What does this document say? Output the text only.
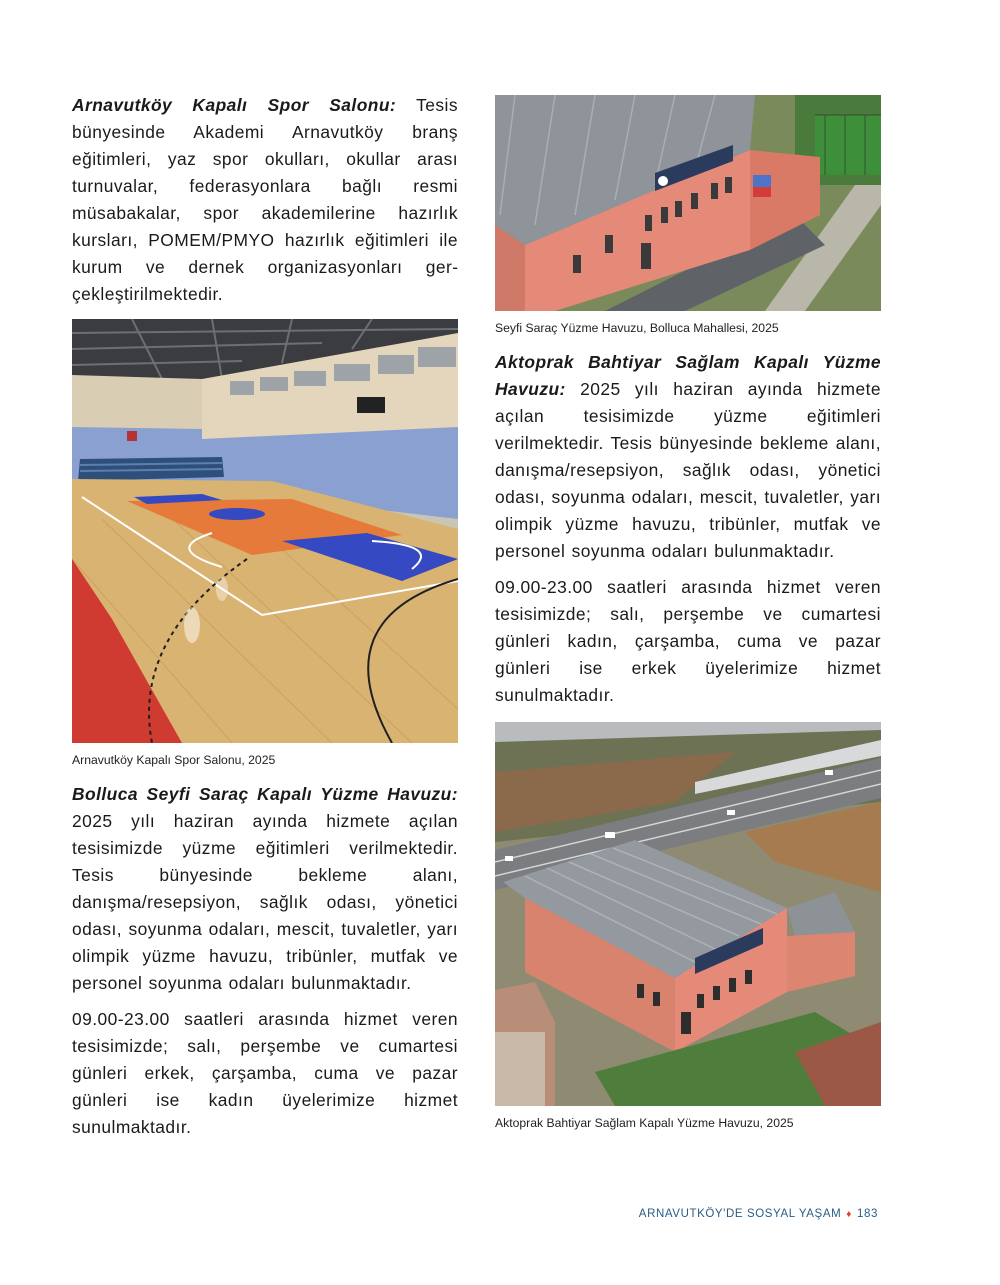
Arnavutköy Kapalı Spor Salonu: Tesis bünyesinde Akademi Arnavutköy branş eğitimleri, yaz spor okulları, okullar arası turnuvalar, federasyonlara bağlı resmi müsabakalar, spor akademilerine hazırlık kursları, POMEM/PMYO hazırlık eğitimleri ile kurum ve dernek organizasyonları gerçekleştirilmektedir.

Arnavutköy Kapalı Spor Salonu, 2025

Bolluca Seyfi Saraç Kapalı Yüzme Havuzu: 2025 yılı haziran ayında hizmete açılan tesisimizde yüzme eğitimleri verilmektedir. Tesis bünyesinde bekleme alanı, danışma/resepsiyon, sağlık odası, yönetici odası, soyunma odaları, mescit, tuvaletler, yarı olimpik yüzme havuzu, tribünler, mutfak ve personel soyunma odaları bulunmaktadır.

09.00-23.00 saatleri arasında hizmet veren tesisimizde; salı, perşembe ve cumartesi günleri erkek, çarşamba, cuma ve pazar günleri ise kadın üyelerimize hizmet sunulmaktadır.

Seyfi Saraç Yüzme Havuzu, Bolluca Mahallesi, 2025

Aktoprak Bahtiyar Sağlam Kapalı Yüzme Havuzu: 2025 yılı haziran ayında hizmete açılan tesisimizde yüzme eğitimleri verilmektedir. Tesis bünyesinde bekleme alanı, danışma/resepsiyon, sağlık odası, yönetici odası, soyunma odaları, mescit, tuvaletler, yarı olimpik yüzme havuzu, tribünler, mutfak ve personel soyunma odaları bulunmaktadır.

09.00-23.00 saatleri arasında hizmet veren tesisimizde; salı, perşembe ve cumartesi günleri kadın, çarşamba, cuma ve pazar günleri ise erkek üyelerimize hizmet sunulmaktadır.

Aktoprak Bahtiyar Sağlam Kapalı Yüzme Havuzu, 2025
ARNAVUTKÖY'DE SOSYAL YAŞAM ♦ 183
